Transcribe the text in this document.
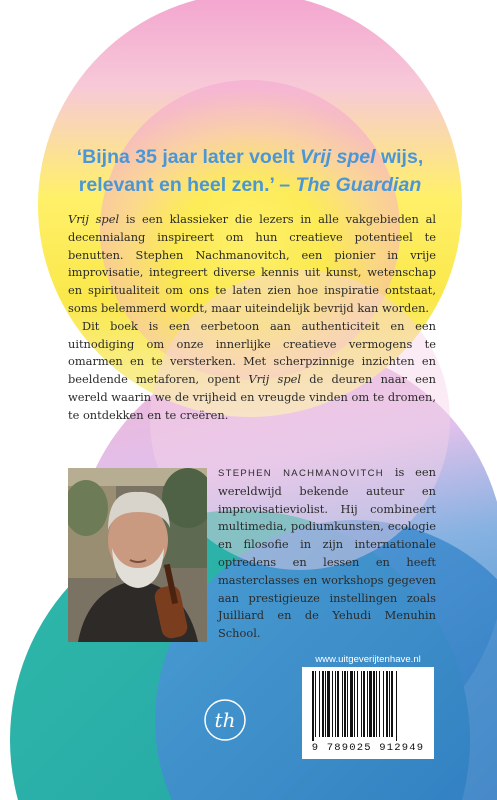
‘Bijna 35 jaar later voelt Vrij spel wijs,
relevant en heel zen.’ – The Guardian

Vrij spel is een klassieker die lezers in alle vakgebieden al decennialang inspireert om hun creatieve potentieel te benutten. Stephen Nachmanovitch, een pionier in vrije improvisatie, integreert diverse kennis uit kunst, wetenschap en spiritualiteit om ons te laten zien hoe inspiratie ontstaat, soms belemmerd wordt, maar uiteindelijk bevrijd kan worden.

Dit boek is een eerbetoon aan authenticiteit en een uitnodiging om onze innerlijke creatieve vermogens te omarmen en te versterken. Met scherpzinnige inzichten en beeldende metaforen, opent Vrij spel de deuren naar een wereld waarin we de vrijheid en vreugde vinden om te dromen, te ontdekken en te creëren.

STEPHEN NACHMANOVITCH is een wereldwijd bekende auteur en improvisatieviolist. Hij combineert multimedia, podiumkunsten, ecologie en filosofie in zijn internationale optredens en lessen en heeft masterclasses en workshops gegeven aan prestigieuze instellingen zoals Juilliard en de Yehudi Menuhin School.
www.uitgeverijtenhave.nl
9 789025 912949
th
